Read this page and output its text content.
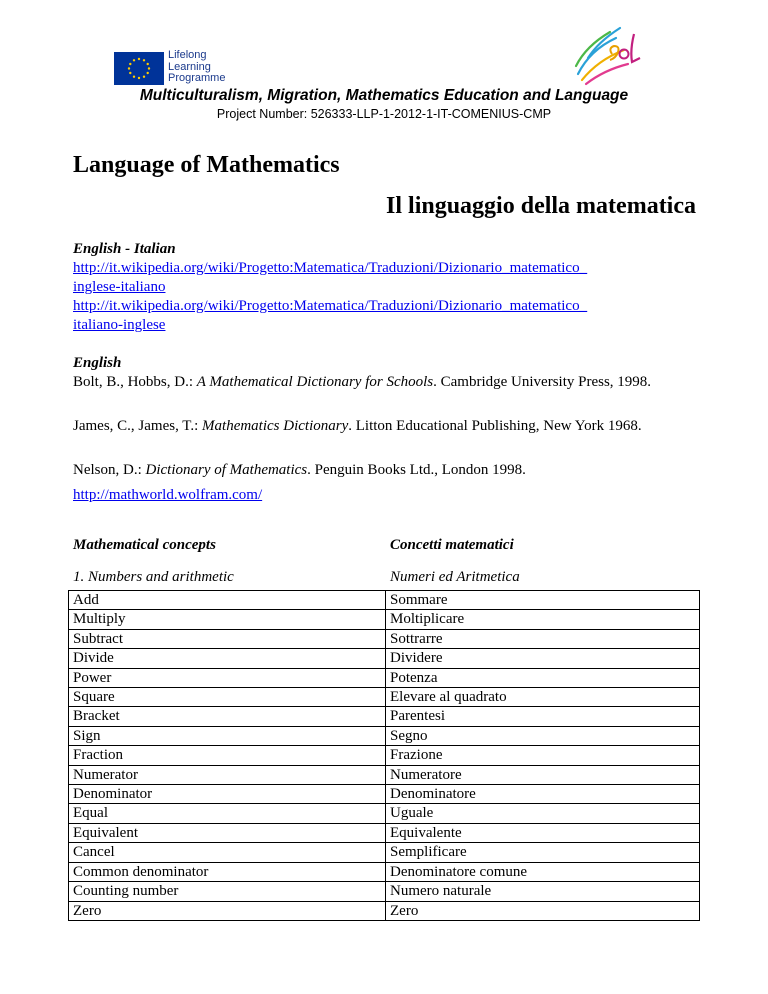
Lifelong
Learning
Programme
Multiculturalism, Migration, Mathematics Education and Language
Project Number: 526333-LLP-1-2012-1-IT-COMENIUS-CMP
Language of Mathematics
Il linguaggio della matematica
English - Italian
http://it.wikipedia.org/wiki/Progetto:Matematica/Traduzioni/Dizionario_matematico_
inglese-italiano
http://it.wikipedia.org/wiki/Progetto:Matematica/Traduzioni/Dizionario_matematico_
italiano-inglese
English
Bolt, B., Hobbs, D.: A Mathematical Dictionary for Schools. Cambridge University Press, 1998.
James, C., James, T.: Mathematics Dictionary. Litton Educational Publishing, New York 1968.
Nelson, D.: Dictionary of Mathematics. Penguin Books Ltd., London 1998.
http://mathworld.wolfram.com/
Mathematical concepts	Concetti matematici
1. Numbers and arithmetic	Numeri ed Aritmetica
Add	Sommare
Multiply	Moltiplicare
Subtract	Sottrarre
Divide	Dividere
Power	Potenza
Square	Elevare al quadrato
Bracket	Parentesi
Sign	Segno
Fraction	Frazione
Numerator	Numeratore
Denominator	Denominatore
Equal	Uguale
Equivalent	Equivalente
Cancel	Semplificare
Common denominator	Denominatore comune
Counting number	Numero naturale
Zero	Zero
